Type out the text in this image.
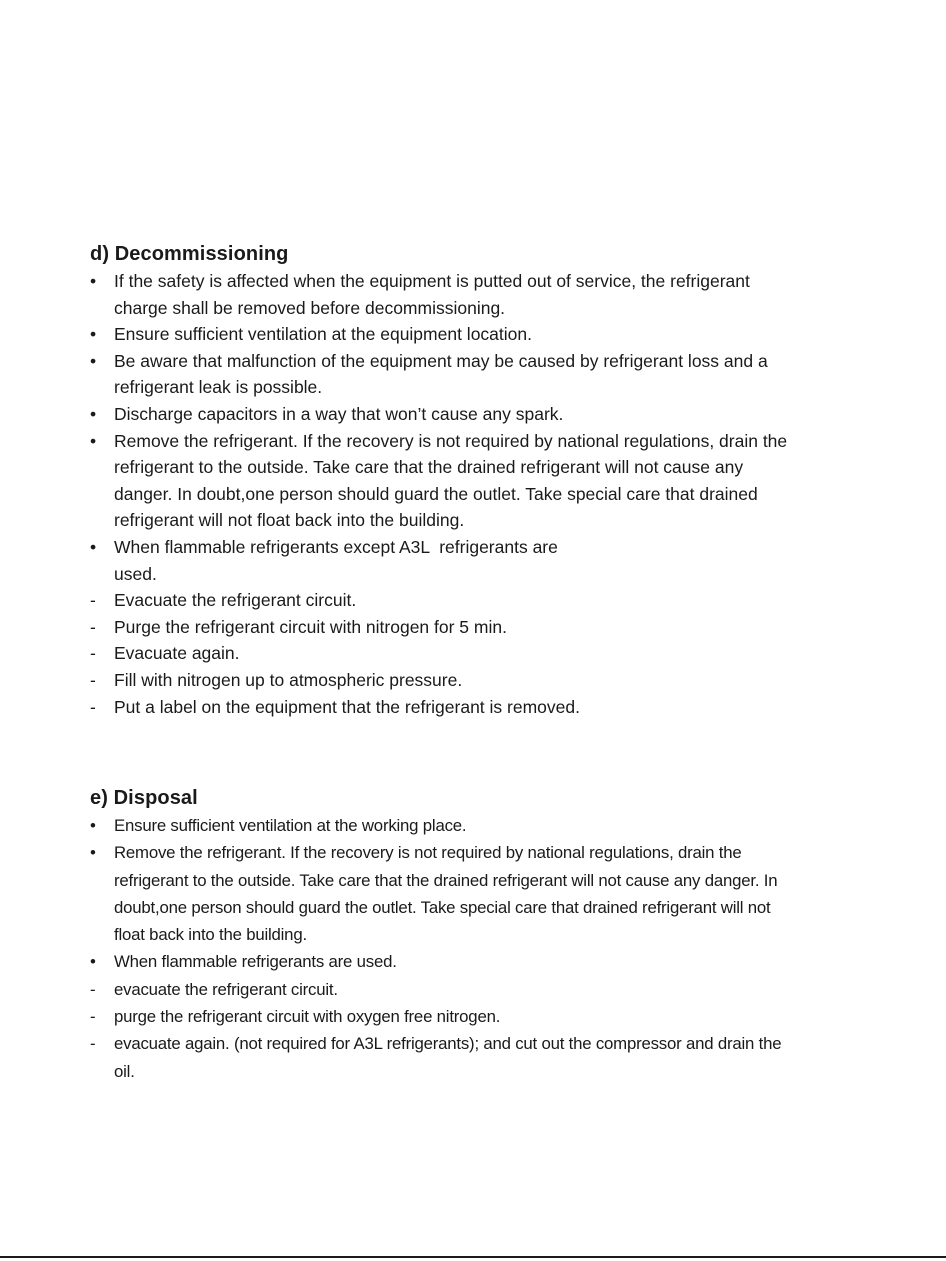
d) Decommissioning
•	If the safety is affected when the equipment is putted out of service, the refrigerant charge shall be removed before decommissioning.
•	Ensure sufficient ventilation at the equipment location.
•	Be aware that malfunction of the equipment may be caused by refrigerant loss and a refrigerant leak is possible.
•	Discharge capacitors in a way that won’t cause any spark.
•	Remove the refrigerant. If the recovery is not required by national regulations, drain the refrigerant to the outside. Take care that the drained refrigerant will not cause any danger. In doubt,one person should guard the outlet. Take special care that drained refrigerant will not float back into the building.
•	When flammable refrigerants except A3L  refrigerants are
used.
-	Evacuate the refrigerant circuit.
-	Purge the refrigerant circuit with nitrogen for 5 min.
-	Evacuate again.
-	Fill with nitrogen up to atmospheric pressure.
-	Put a label on the equipment that the refrigerant is removed.
e) Disposal
•	Ensure sufficient ventilation at the working place.
•	Remove the refrigerant. If the recovery is not required by national regulations, drain the refrigerant to the outside. Take care that the drained refrigerant will not cause any danger. In doubt,one person should guard the outlet. Take special care that drained refrigerant will not float back into the building.
•	When flammable refrigerants are used.
-	evacuate the refrigerant circuit.
-	purge the refrigerant circuit with oxygen free nitrogen.
-	evacuate again. (not required for A3L refrigerants); and cut out the compressor and drain the oil.
